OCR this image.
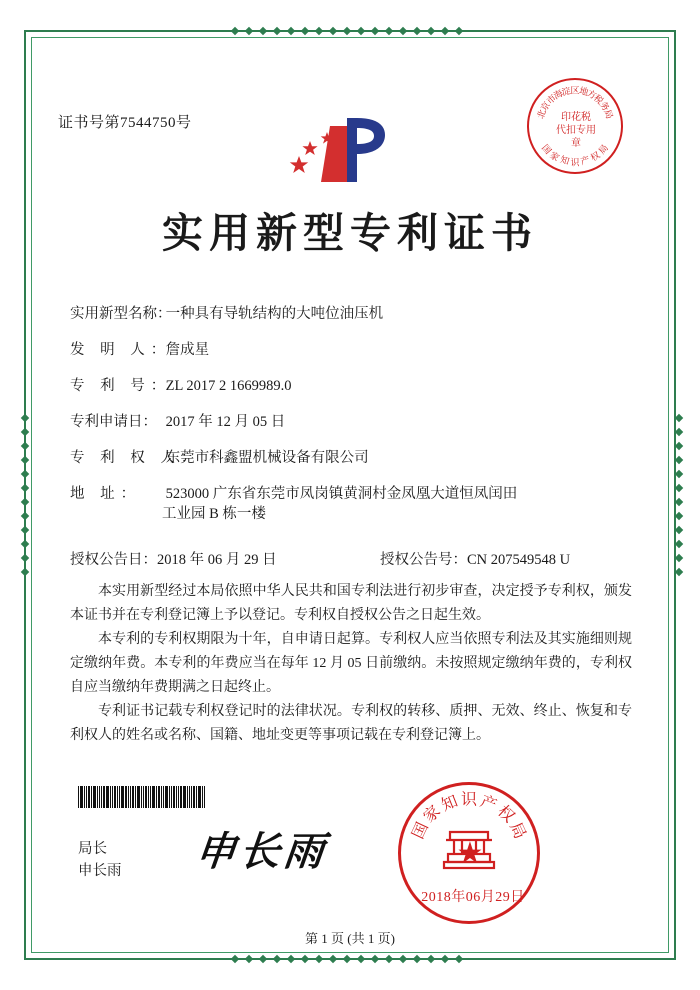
证书号第7544750号
北
京
市
海
淀
区
地
方
税
务
局
国
家
知 识 产
权
局
印花税
代扣专用章
实用新型专利证书
实用新型名称： 一种具有导轨结构的大吨位油压机
发 明 人： 詹成星
专 利 号： ZL 2017 2 1669989.0
专利申请日： 2017 年 12 月 05 日
专 利 权 人： 东莞市科鑫盟机械设备有限公司
地 址： 523000 广东省东莞市凤岗镇黄洞村金凤凰大道恒凤闰田
工业园 B 栋一楼
授权公告日：2018 年 06 月 29 日	授权公告号：CN 207549548 U

本实用新型经过本局依照中华人民共和国专利法进行初步审查，决定授予专利权，颁发本证书并在专利登记簿上予以登记。专利权自授权公告之日起生效。

本专利的专利权期限为十年，自申请日起算。专利权人应当依照专利法及其实施细则规定缴纳年费。本专利的年费应当在每年 12 月 05 日前缴纳。未按照规定缴纳年费的，专利权自应当缴纳年费期满之日起终止。

专利证书记载专利权登记时的法律状况。专利权的转移、质押、无效、终止、恢复和专利权人的姓名或名称、国籍、地址变更等事项记载在专利登记簿上。

局长
申长雨 申长雨	国
家
知 识 产
权
局
★
2018年06月29日
第 1 页 (共 1 页)
